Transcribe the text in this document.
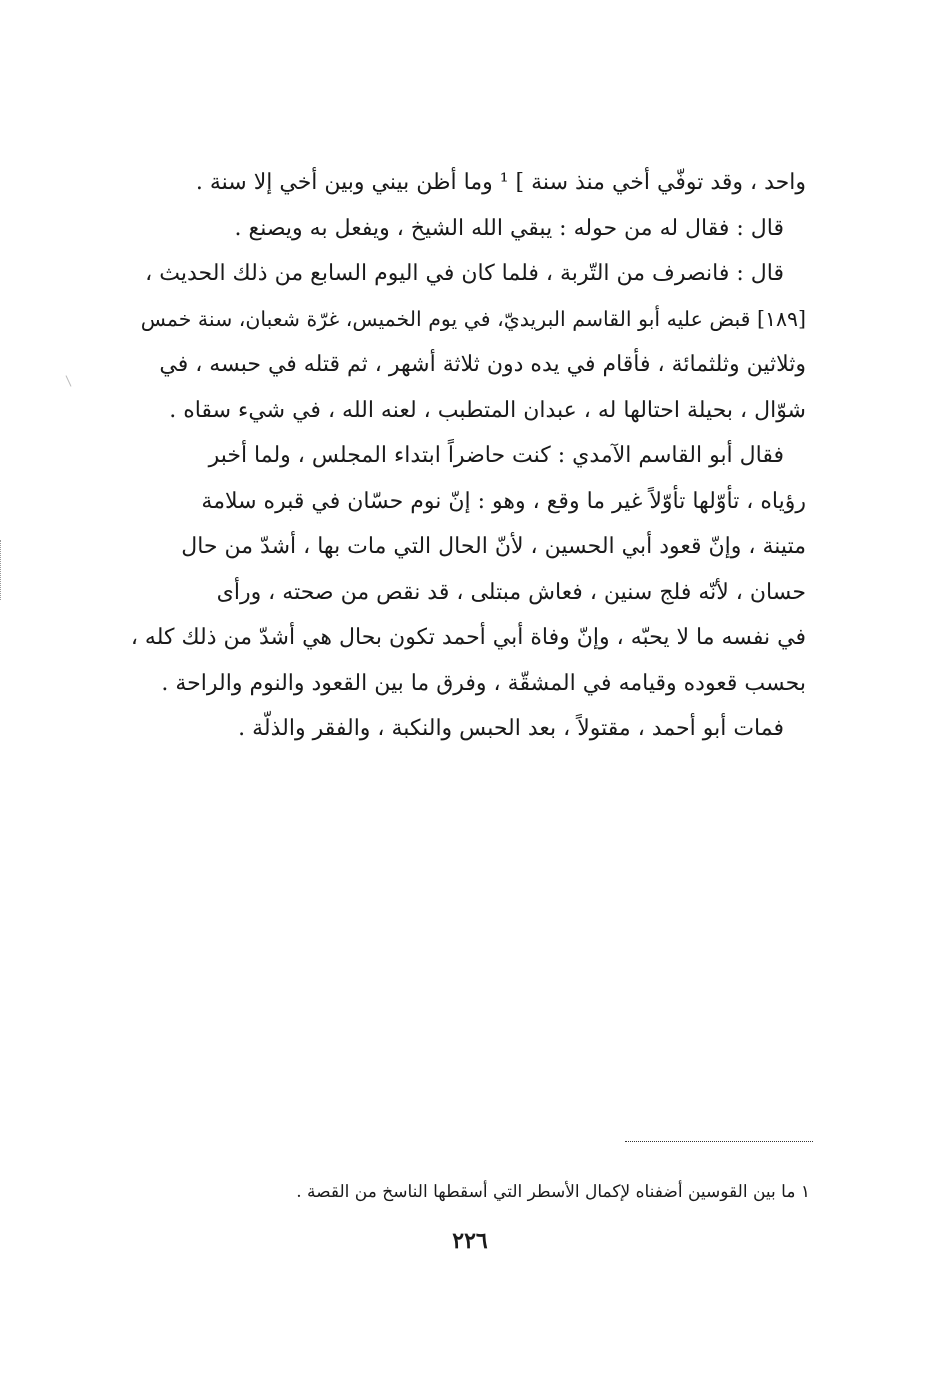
واحد ، وقد توفّي أخي منذ سنة ] ¹ وما أظن بيني وبين أخي إلا سنة .
قال : فقال له من حوله : يبقي الله الشيخ ، ويفعل به ويصنع .
قال : فانصرف من التّربة ، فلما كان في اليوم السابع من ذلك الحديث ،
[١٨٩] قبض عليه أبو القاسم البريديّ، في يوم الخميس، غرّة شعبان، سنة خمس
وثلاثين وثلثمائة ، فأقام في يده دون ثلاثة أشهر ، ثم قتله في حبسه ، في
شوّال ، بحيلة احتالها له ، عبدان المتطبب ، لعنه الله ، في شيء سقاه .
فقال أبو القاسم الآمدي : كنت حاضراً ابتداء المجلس ، ولما أخبر
رؤياه ، تأوّلها تأوّلاً غير ما وقع ، وهو : إنّ نوم حسّان في قبره سلامة
متينة ، وإنّ قعود أبي الحسين ، لأنّ الحال التي مات بها ، أشدّ من حال
حسان ، لأنّه فلج سنين ، فعاش مبتلى ، قد نقص من صحته ، ورأى
في نفسه ما لا يحبّه ، وإنّ وفاة أبي أحمد تكون بحال هي أشدّ من ذلك كله ،
بحسب قعوده وقيامه في المشقّة ، وفرق ما بين القعود والنوم والراحة .
فمات أبو أحمد ، مقتولاً ، بعد الحبس والنكبة ، والفقر والذلّة .
١ ما بين القوسين أضفناه لإكمال الأسطر التي أسقطها الناسخ من القصة .
٢٢٦
